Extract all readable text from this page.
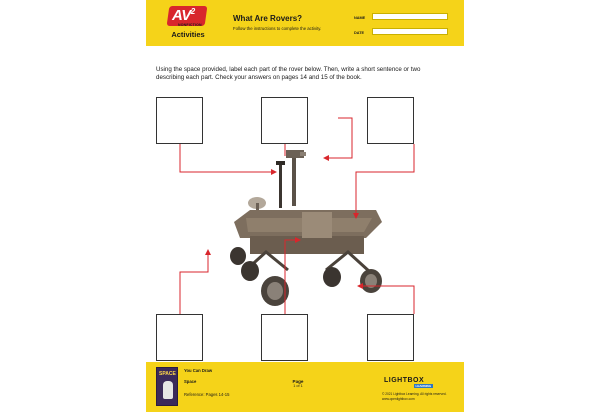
$AV^2$
NONFICTION
Activities
What Are Rovers?
Follow the instructions to complete the activity.
NAME
DATE

Using the space provided, label each part of the rover below. Then, write a short sentence or two describing each part. Check your answers on pages 14 and 15 of the book.

SPACE
You Can Draw
Space
Reference: Pages 14-15
Page
1 of 1
LIGHTBOX
LEARNING
© 2021 Lightbox Learning. All rights reserved.
www.openlightbox.com
